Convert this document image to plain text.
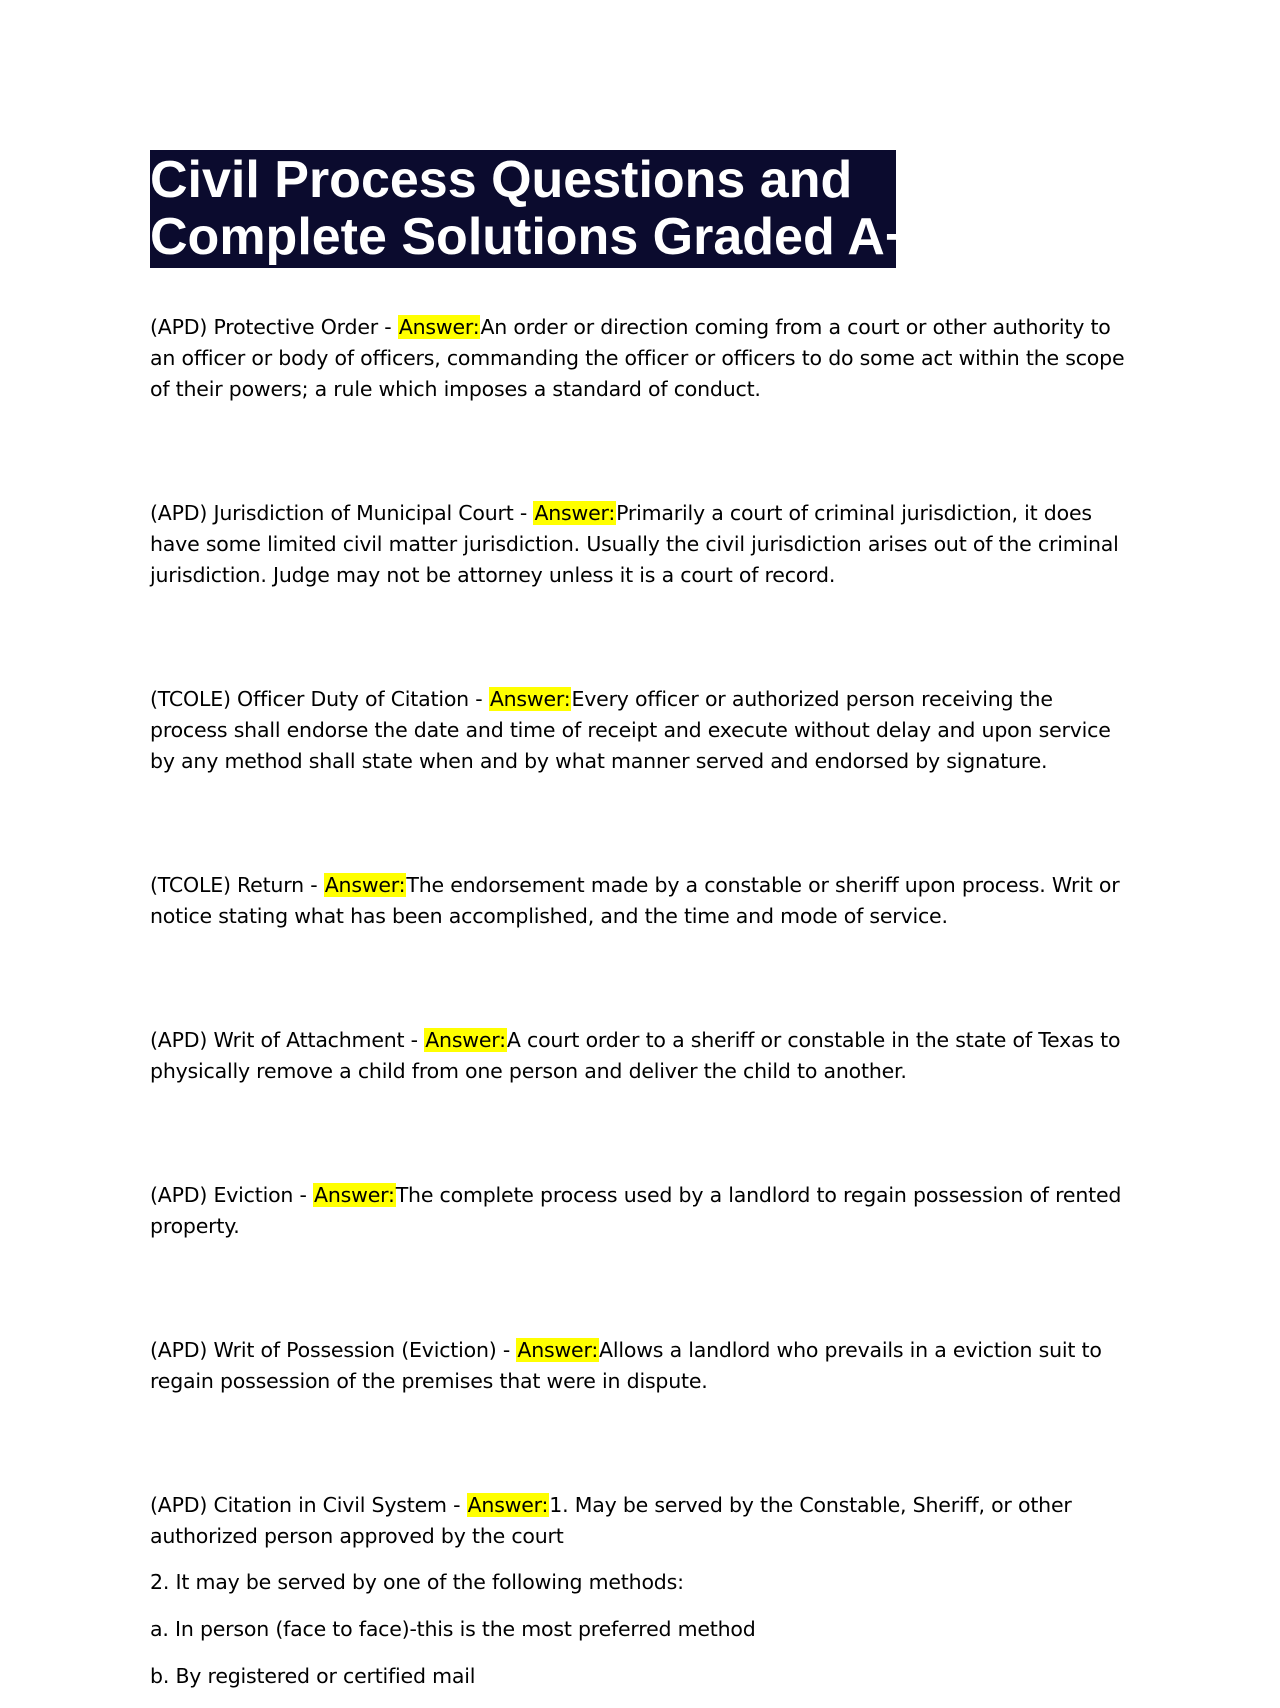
Civil Process Questions and
Complete Solutions Graded A+

(APD) Protective Order - Answer:An order or direction coming from a court or other authority to an officer or body of officers, commanding the officer or officers to do some act within the scope of their powers; a rule which imposes a standard of conduct.

(APD) Jurisdiction of Municipal Court - Answer:Primarily a court of criminal jurisdiction, it does have some limited civil matter jurisdiction. Usually the civil jurisdiction arises out of the criminal jurisdiction. Judge may not be attorney unless it is a court of record.

(TCOLE) Officer Duty of Citation - Answer:Every officer or authorized person receiving the process shall endorse the date and time of receipt and execute without delay and upon service by any method shall state when and by what manner served and endorsed by signature.

(TCOLE) Return - Answer:The endorsement made by a constable or sheriff upon process. Writ or notice stating what has been accomplished, and the time and mode of service.

(APD) Writ of Attachment - Answer:A court order to a sheriff or constable in the state of Texas to physically remove a child from one person and deliver the child to another.

(APD) Eviction - Answer:The complete process used by a landlord to regain possession of rented property.

(APD) Writ of Possession (Eviction) - Answer:Allows a landlord who prevails in a eviction suit to regain possession of the premises that were in dispute.

(APD) Citation in Civil System - Answer:1. May be served by the Constable, Sheriff, or other authorized person approved by the court

2. It may be served by one of the following methods:

a. In person (face to face)-this is the most preferred method

b. By registered or certified mail
